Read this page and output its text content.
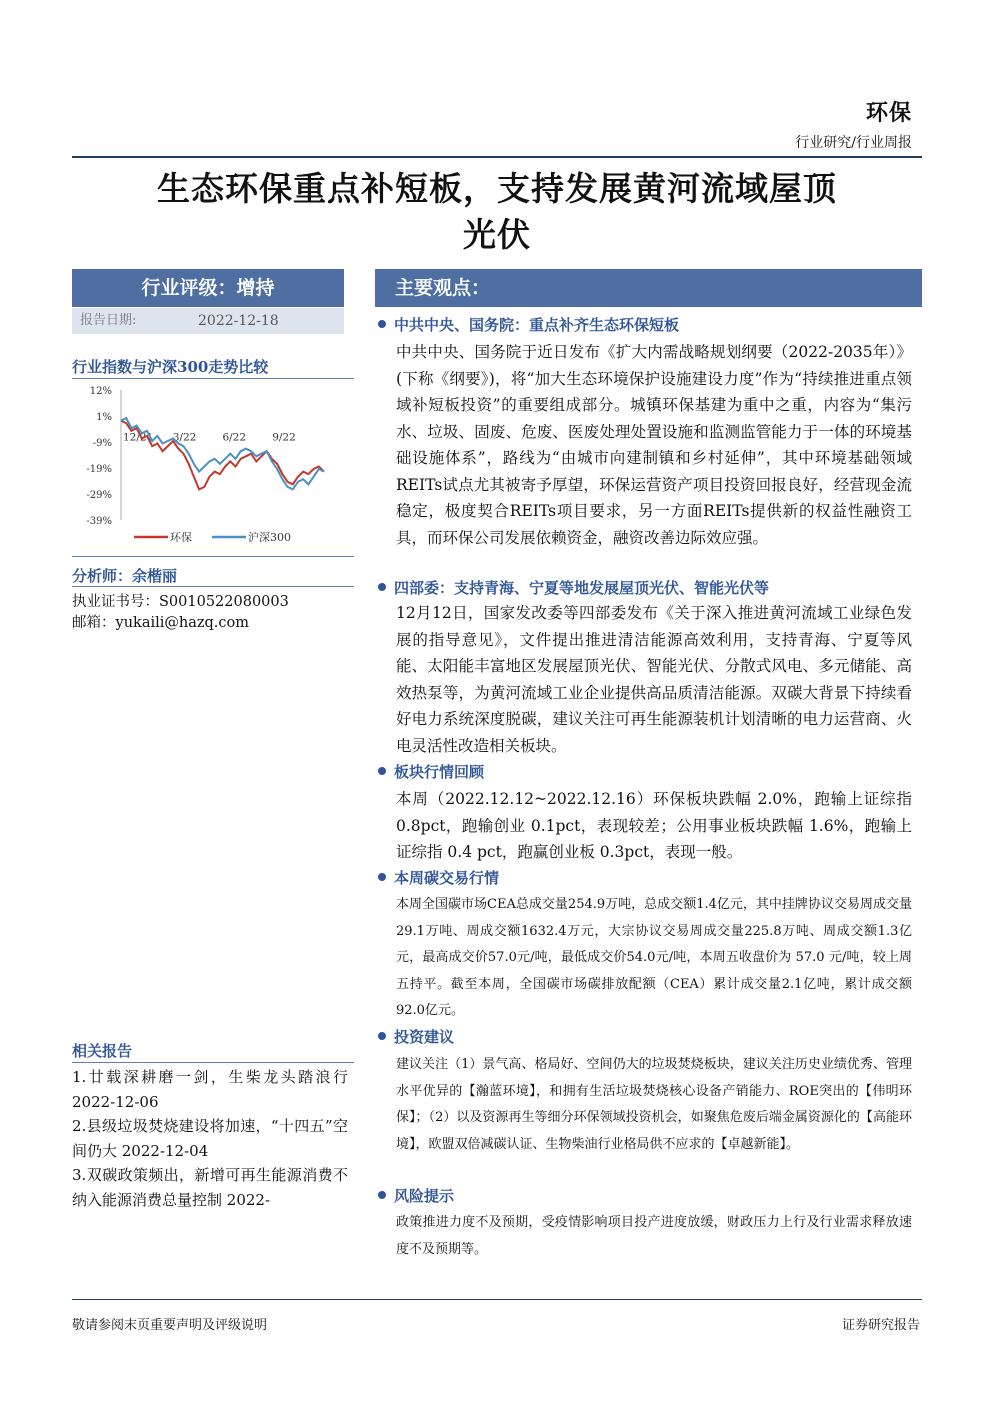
环保
行业研究/行业周报
生态环保重点补短板，支持发展黄河流域屋顶
光伏
行业评级：增持
报告日期:	2022-12-18
行业指数与沪深300走势比较
12%
1%
-9%
-19%
-29%
-39%
12/21 3/22 6/22 9/22
环保	沪深300
分析师：余楷丽
执业证书号：S0010522080003
邮箱：yukaili@hazq.com
相关报告
1.廿载深耕磨一剑，生柴龙头踏浪行 2022-12-06
2.县级垃圾焚烧建设将加速，“十四五”空间仍大 2022-12-04
3.双碳政策频出，新增可再生能源消费不纳入能源消费总量控制 2022-
主要观点：
中共中央、国务院：重点补齐生态环保短板
中共中央、国务院于近日发布《扩大内需战略规划纲要（2022-2035年）》(下称《纲要》)，将“加大生态环境保护设施建设力度”作为“持续推进重点领域补短板投资”的重要组成部分。城镇环保基建为重中之重，内容为“集污水、垃圾、固废、危废、医废处理处置设施和监测监管能力于一体的环境基础设施体系”，路线为“由城市向建制镇和乡村延伸”，其中环境基础领域REITs试点尤其被寄予厚望，环保运营资产项目投资回报良好，经营现金流稳定，极度契合REITs项目要求，另一方面REITs提供新的权益性融资工具，而环保公司发展依赖资金，融资改善边际效应强。
四部委：支持青海、宁夏等地发展屋顶光伏、智能光伏等
12月12日，国家发改委等四部委发布《关于深入推进黄河流域工业绿色发展的指导意见》，文件提出推进清洁能源高效利用，支持青海、宁夏等风能、太阳能丰富地区发展屋顶光伏、智能光伏、分散式风电、多元储能、高效热泵等，为黄河流域工业企业提供高品质清洁能源。双碳大背景下持续看好电力系统深度脱碳，建议关注可再生能源装机计划清晰的电力运营商、火电灵活性改造相关板块。
板块行情回顾
本周（2022.12.12~2022.12.16）环保板块跌幅 2.0%，跑输上证综指0.8pct，跑输创业 0.1pct，表现较差；公用事业板块跌幅 1.6%，跑输上证综指 0.4 pct，跑赢创业板 0.3pct，表现一般。
本周碳交易行情
本周全国碳市场CEA总成交量254.9万吨，总成交额1.4亿元，其中挂牌协议交易周成交量29.1万吨、周成交额1632.4万元，大宗协议交易周成交量225.8万吨、周成交额1.3亿元，最高成交价57.0元/吨，最低成交价54.0元/吨，本周五收盘价为 57.0 元/吨，较上周五持平。截至本周，全国碳市场碳排放配额（CEA）累计成交量2.1亿吨，累计成交额92.0亿元。
投资建议
建议关注（1）景气高、格局好、空间仍大的垃圾焚烧板块，建议关注历史业绩优秀、管理水平优异的【瀚蓝环境】，和拥有生活垃圾焚烧核心设备产销能力、ROE突出的【伟明环保】；（2）以及资源再生等细分环保领域投资机会，如聚焦危废后端金属资源化的【高能环境】，欧盟双倍减碳认证、生物柴油行业格局供不应求的【卓越新能】。
风险提示
政策推进力度不及预期，受疫情影响项目投产进度放缓，财政压力上行及行业需求释放速度不及预期等。
敬请参阅末页重要声明及评级说明	证券研究报告
